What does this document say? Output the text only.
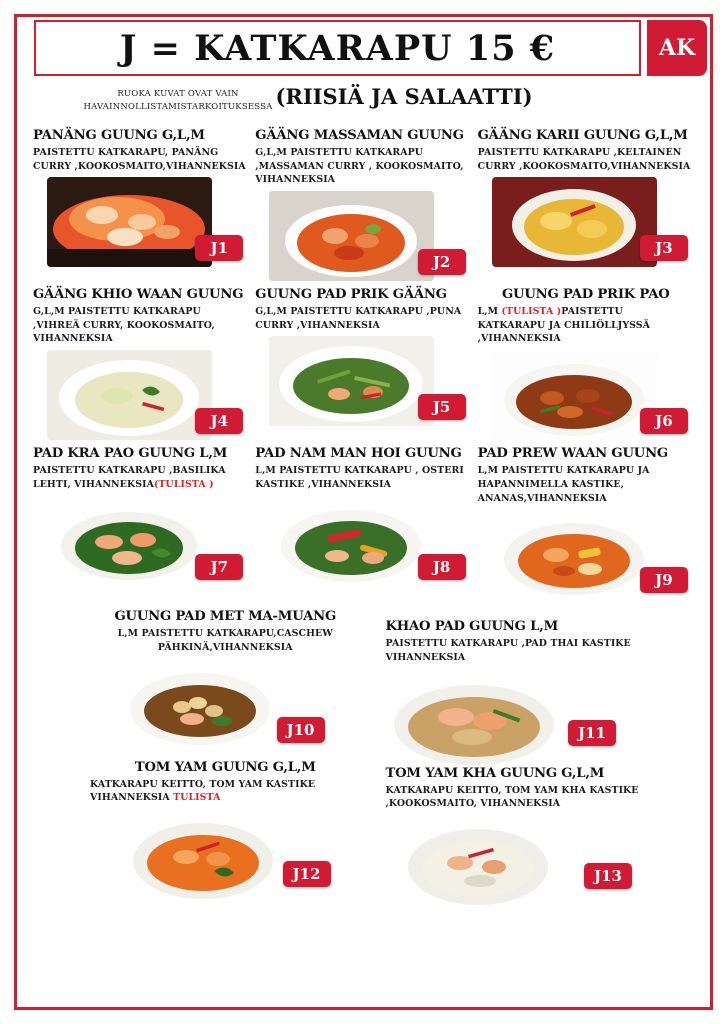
J = KATKARAPU 15 €	AK
RUOKA KUVAT OVAT VAIN HAVAINNOLLISTAMISTARKOITUKSESSA (RIISIÄ JA SALAATTI)
PANÄNG GUUNG G,L,M
PAISTETTU KATKARAPU, PANÄNG CURRY ,KOOKOSMAITO,VIHANNEKSIA
J1
GÄÄNG MASSAMAN GUUNG
G,L,M PAISTETTU KATKARAPU ,MASSAMAN CURRY , KOOKOSMAITO, VIHANNEKSIA
J2
GÄÄNG KARII GUUNG G,L,M
PAISTETTU KATKARAPU ,KELTAINEN CURRY ,KOOKOSMAITO,VIHANNEKSIA
J3
GÄÄNG KHIO WAAN GUUNG
G,L,M PAISTETTU KATKARAPU ,VIHREÄ CURRY, KOOKOSMAITO, VIHANNEKSIA
J4
GUUNG PAD PRIK GÄÄNG
G,L,M PAISTETTU KATKARAPU ,PUNA CURRY ,VIHANNEKSIA
J5
GUUNG PAD PRIK PAO
L,M (TULISTA )PAISTETTU KATKARAPU JA CHILIÖLLJYSSÄ ,VIHANNEKSIA
J6
PAD KRA PAO GUUNG L,M
PAISTETTU KATKARAPU ,BASILIKA LEHTI, VIHANNEKSIA(TULISTA )
J7
PAD NAM MAN HOI GUUNG
L,M PAISTETTU KATKARAPU , OSTERI KASTIKE ,VIHANNEKSIA
J8
PAD PREW WAAN GUUNG
L,M PAISTETTU KATKARAPU JA HAPANNIMELLA KASTIKE, ANANAS,VIHANNEKSIA
J9
GUUNG PAD MET MA-MUANG
L,M PAISTETTU KATKARAPU,CASCHEW PÄHKINÄ,VIHANNEKSIA
J10
KHAO PAD GUUNG L,M
PAISTETTU KATKARAPU ,PAD THAI KASTIKE VIHANNEKSIA
J11
TOM YAM GUUNG G,L,M
KATKARAPU KEITTO, TOM YAM KASTIKE VIHANNEKSIA TULISTA
J12
TOM YAM KHA GUUNG G,L,M
KATKARAPU KEITTO, TOM YAM KHA KASTIKE ,KOOKOSMAITO, VIHANNEKSIA
J13
